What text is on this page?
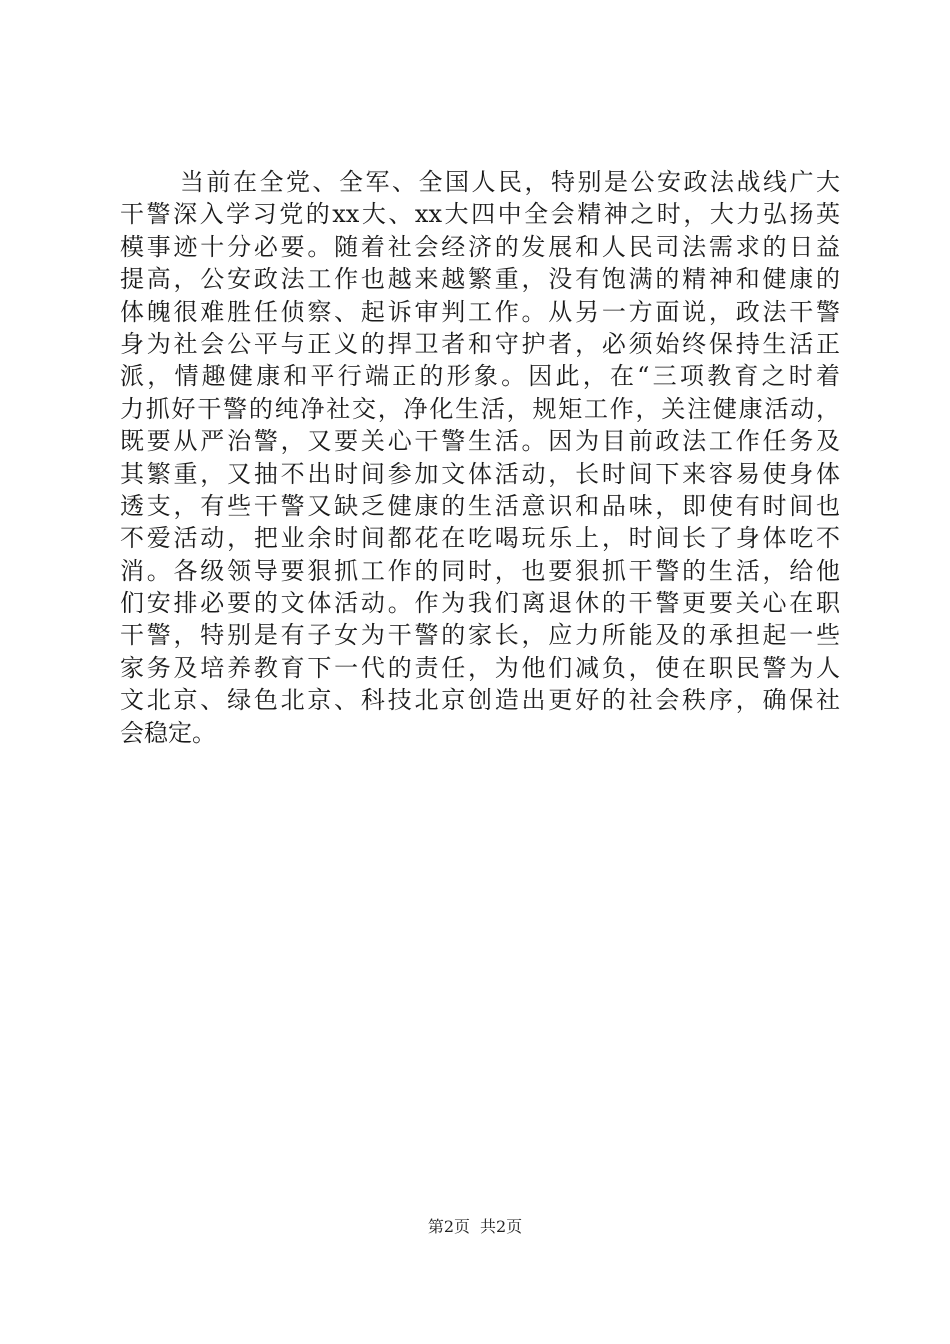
当前在全党、全军、全国人民，特别是公安政法战线广大
干警深入学习党的xx大、xx大四中全会精神之时，大力弘扬英
模事迹十分必要。随着社会经济的发展和人民司法需求的日益
提高，公安政法工作也越来越繁重，没有饱满的精神和健康的
体魄很难胜任侦察、起诉审判工作。从另一方面说，政法干警
身为社会公平与正义的捍卫者和守护者，必须始终保持生活正
派，情趣健康和平行端正的形象。因此，在“三项教育之时着
力抓好干警的纯净社交，净化生活，规矩工作，关注健康活动，
既要从严治警，又要关心干警生活。因为目前政法工作任务及
其繁重，又抽不出时间参加文体活动，长时间下来容易使身体
透支，有些干警又缺乏健康的生活意识和品味，即使有时间也
不爱活动，把业余时间都花在吃喝玩乐上，时间长了身体吃不
消。各级领导要狠抓工作的同时，也要狠抓干警的生活，给他
们安排必要的文体活动。作为我们离退休的干警更要关心在职
干警，特别是有子女为干警的家长，应力所能及的承担起一些
家务及培养教育下一代的责任，为他们减负，使在职民警为人
文北京、绿色北京、科技北京创造出更好的社会秩序，确保社
会稳定。
第2页 共2页
